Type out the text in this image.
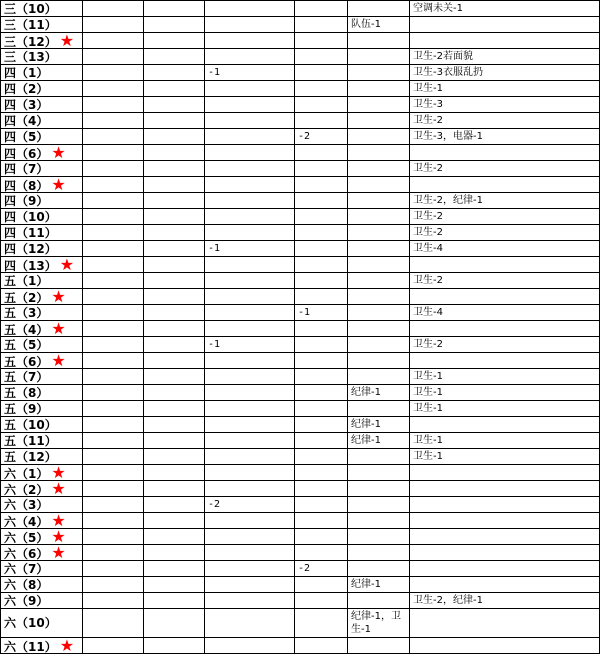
三（10）						空调未关-1
三（11）					队伍-1	
三（12） ★						
三（13）						卫生-2若面貌
四（1）			-1			卫生-3衣服乱扔
四（2）						卫生-1
四（3）						卫生-3
四（4）						卫生-2
四（5）				-2		卫生-3，电器-1
四（6） ★						
四（7）						卫生-2
四（8） ★						
四（9）						卫生-2，纪律-1
四（10）						卫生-2
四（11）						卫生-2
四（12）			-1			卫生-4
四（13） ★						
五（1）						卫生-2
五（2） ★						
五（3）				-1		卫生-4
五（4） ★						
五（5）			-1			卫生-2
五（6） ★						
五（7）						卫生-1
五（8）					纪律-1	卫生-1
五（9）						卫生-1
五（10）					纪律-1	
五（11）					纪律-1	卫生-1
五（12）						卫生-1
六（1） ★						
六（2） ★						
六（3）			-2			
六（4） ★						
六（5） ★						
六（6） ★						
六（7）				-2		
六（8）					纪律-1	
六（9）						卫生-2，纪律-1
六（10）					纪律-1，卫生-1	
六（11） ★						
